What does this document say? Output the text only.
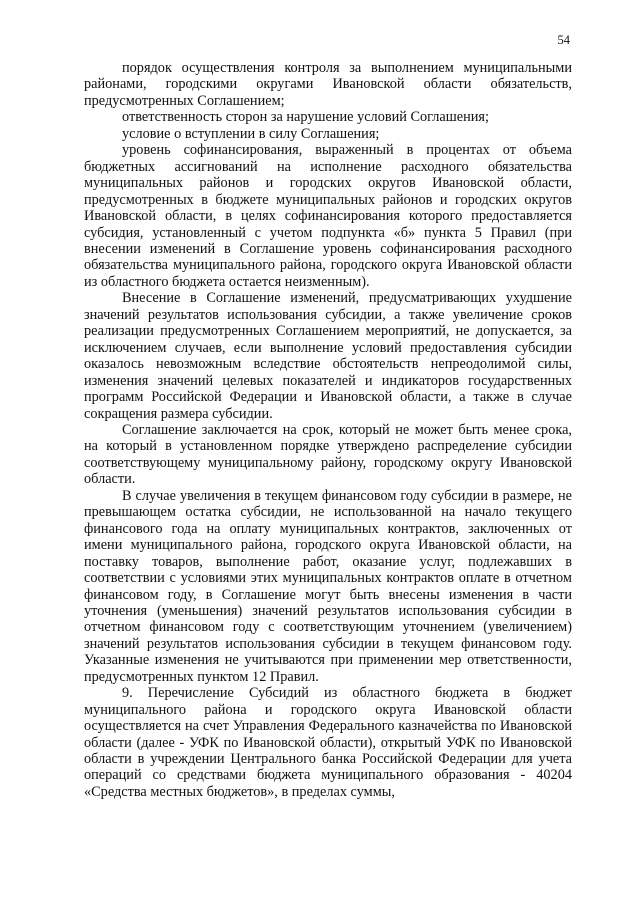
54

порядок осуществления контроля за выполнением муниципальными районами, городскими округами Ивановской области обязательств, предусмотренных Соглашением;

ответственность сторон за нарушение условий Соглашения;

условие о вступлении в силу Соглашения;

уровень софинансирования, выраженный в процентах от объема бюджетных ассигнований на исполнение расходного обязательства муниципальных районов и городских округов Ивановской области, предусмотренных в бюджете муниципальных районов и городских округов Ивановской области, в целях софинансирования которого предоставляется субсидия, установленный с учетом подпункта «б» пункта 5 Правил (при внесении изменений в Соглашение уровень софинансирования расходного обязательства муниципального района, городского округа Ивановской области из областного бюджета остается неизменным).

Внесение в Соглашение изменений, предусматривающих ухудшение значений результатов использования субсидии, а также увеличение сроков реализации предусмотренных Соглашением мероприятий, не допускается, за исключением случаев, если выполнение условий предоставления субсидии оказалось невозможным вследствие обстоятельств непреодолимой силы, изменения значений целевых показателей и индикаторов государственных программ Российской Федерации и Ивановской области, а также в случае сокращения размера субсидии.

Соглашение заключается на срок, который не может быть менее срока, на который в установленном порядке утверждено распределение субсидии соответствующему муниципальному району, городскому округу Ивановской области.

В случае увеличения в текущем финансовом году субсидии в размере, не превышающем остатка субсидии, не использованной на начало текущего финансового года на оплату муниципальных контрактов, заключенных от имени муниципального района, городского округа Ивановской области, на поставку товаров, выполнение работ, оказание услуг, подлежавших в соответствии с условиями этих муниципальных контрактов оплате в отчетном финансовом году, в Соглашение могут быть внесены изменения в части уточнения (уменьшения) значений результатов использования субсидии в отчетном финансовом году с соответствующим уточнением (увеличением) значений результатов использования субсидии в текущем финансовом году. Указанные изменения не учитываются при применении мер ответственности, предусмотренных пунктом 12 Правил.

9. Перечисление Субсидий из областного бюджета в бюджет муниципального района и городского округа Ивановской области осуществляется на счет Управления Федерального казначейства по Ивановской области (далее - УФК по Ивановской области), открытый УФК по Ивановской области в учреждении Центрального банка Российской Федерации для учета операций со средствами бюджета муниципального образования - 40204 «Средства местных бюджетов», в пределах суммы,
